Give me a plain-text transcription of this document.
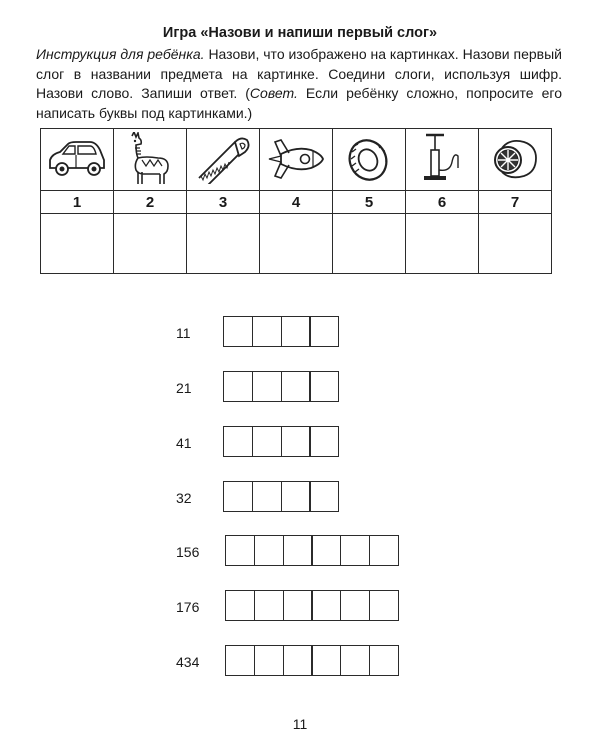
Игра «Назови и напиши первый слог»
Инструкция для ребёнка. Назови, что изображено на картинках. Назови первый слог в названии предмета на картинке. Соедини слоги, используя шифр. Назови слово. Запиши ответ. (Совет. Если ребёнку сложно, попросите его написать буквы под картинками.)

1	2	3	4	5	6	7

11
21
41
32
156
176
434
11
